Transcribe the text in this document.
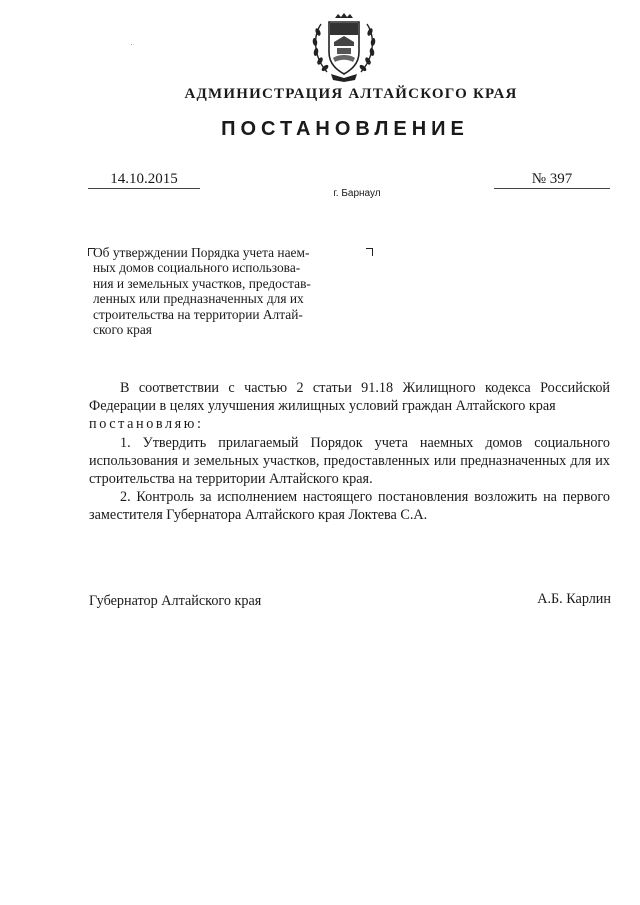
АДМИНИСТРАЦИЯ АЛТАЙСКОГО КРАЯ
ПОСТАНОВЛЕНИЕ
14.10.2015	№ 397
г. Барнаул

Об утверждении Порядка учета наем-

ных домов социального использова-

ния и земельных участков, предостав-

ленных или предназначенных для их

строительства на территории Алтай-

ского края

В соответствии с частью 2 статьи 91.18 Жилищного кодекса Российской Федерации в целях улучшения жилищных условий граждан Алтайского края

постановляю:

1. Утвердить прилагаемый Порядок учета наемных домов социального использования и земельных участков, предоставленных или предназначенных для их строительства на территории Алтайского края.

2. Контроль за исполнением настоящего постановления возложить на первого заместителя Губернатора Алтайского края Локтева С.А.

Губернатор Алтайского края	А.Б. Карлин
